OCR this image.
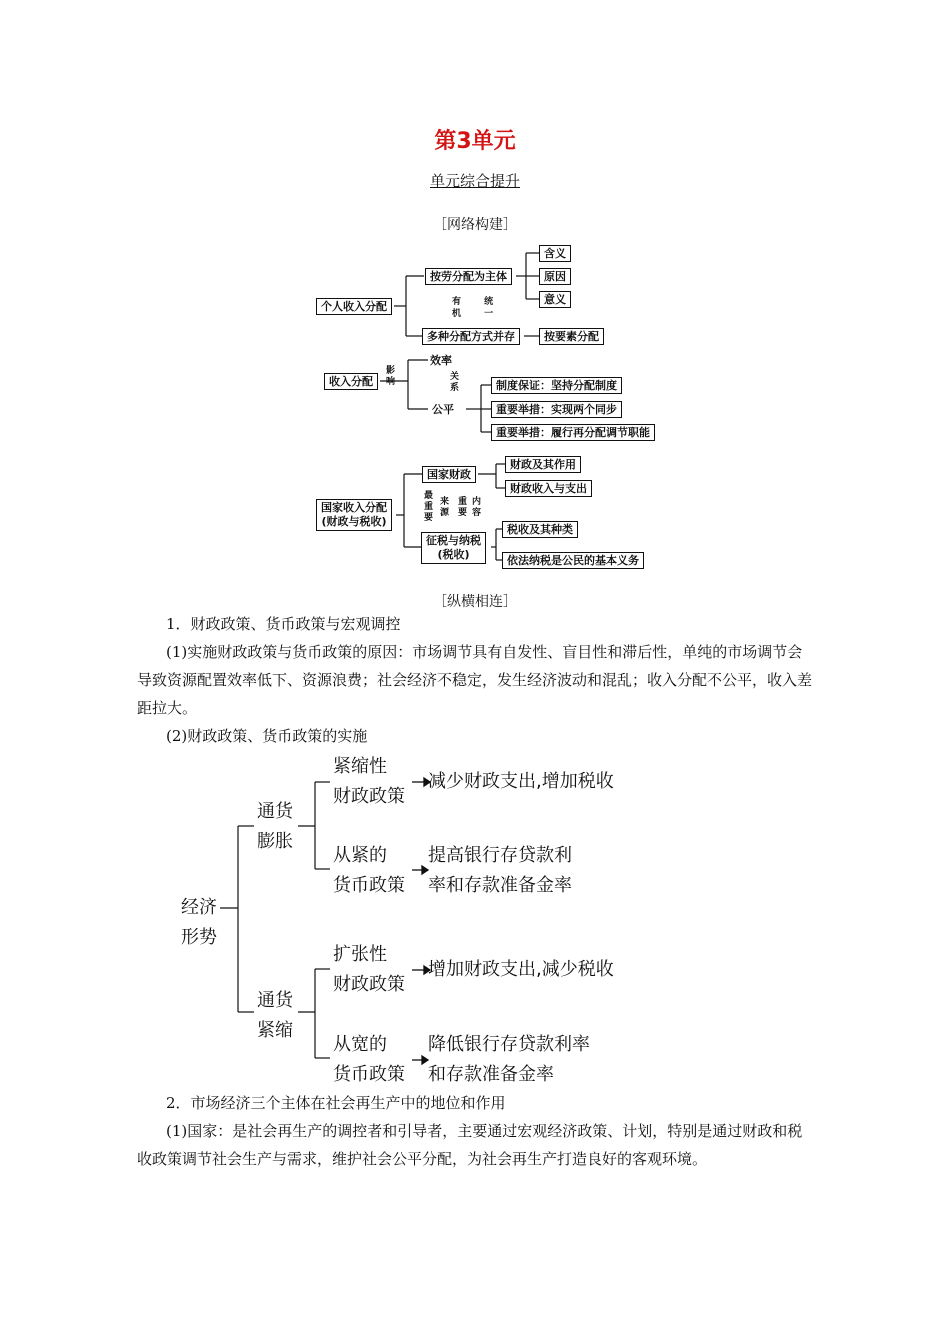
第3单元
单元综合提升
［网络构建］
个人收入分配
按劳分配为主体
含义
原因
意义
多种分配方式并存	按要素分配
有 统
机 一
收入分配
影响
效率
关系
公平
制度保证：坚持分配制度
重要举措：实现两个同步
重要举措：履行再分配调节职能
国家收入分配
(财政与税收)
国家财政
财政及其作用
财政收入与支出
最重要
来源
重要
内容
征税与纳税
(税收)
税收及其种类
依法纳税是公民的基本义务
［纵横相连］
1．财政政策、货币政策与宏观调控
(1)实施财政政策与货币政策的原因：市场调节具有自发性、盲目性和滞后性，单纯的市场调节会导致资源配置效率低下、资源浪费；社会经济不稳定，发生经济波动和混乱；收入分配不公平，收入差距拉大。
(2)财政政策、货币政策的实施
经济
形势
通货
膨胀
通货
紧缩
紧缩性
财政政策
减少财政支出,增加税收
从紧的
货币政策
提高银行存贷款利
率和存款准备金率
扩张性
财政政策
增加财政支出,减少税收
从宽的
货币政策
降低银行存贷款利率
和存款准备金率
2．市场经济三个主体在社会再生产中的地位和作用
(1)国家：是社会再生产的调控者和引导者，主要通过宏观经济政策、计划，特别是通过财政和税收政策调节社会生产与需求，维护社会公平分配，为社会再生产打造良好的客观环境。
